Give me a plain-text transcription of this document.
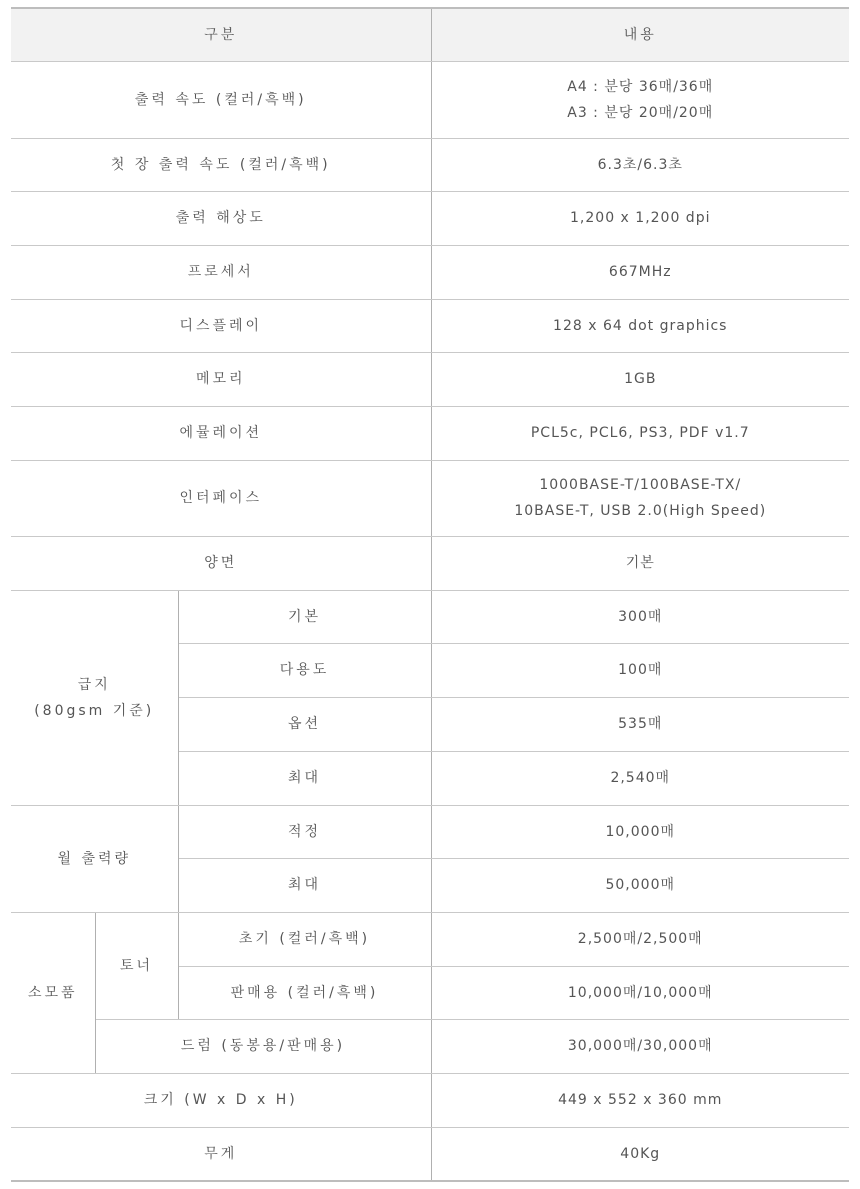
구분			내용
출력 속도 (컬러/흑백)			A4 : 분당 36매/36매
A3 : 분당 20매/20매

첫 장 출력 속도 (컬러/흑백)			6.3초/6.3초
출력 해상도			1,200 x 1,200 dpi
프로세서			667MHz
디스플레이			128 x 64 dot graphics
메모리			1GB
에뮬레이션			PCL5c, PCL6, PS3, PDF v1.7
인터페이스			1000BASE-T/100BASE-TX/
10BASE-T, USB 2.0(High Speed)

양면			기본

급지
(80gsm 기준)		기본	300매
		다용도	100매
		옵션	535매
		최대	2,540매
월 출력량		적정	10,000매
		최대	50,000매
소모품	토너	초기 (컬러/흑백)	2,500매/2,500매
		판매용 (컬러/흑백)	10,000매/10,000매
	드럼 (동봉용/판매용)		30,000매/30,000매
크기 (W x D x H)			449 x 552 x 360 mm
무게			40Kg
